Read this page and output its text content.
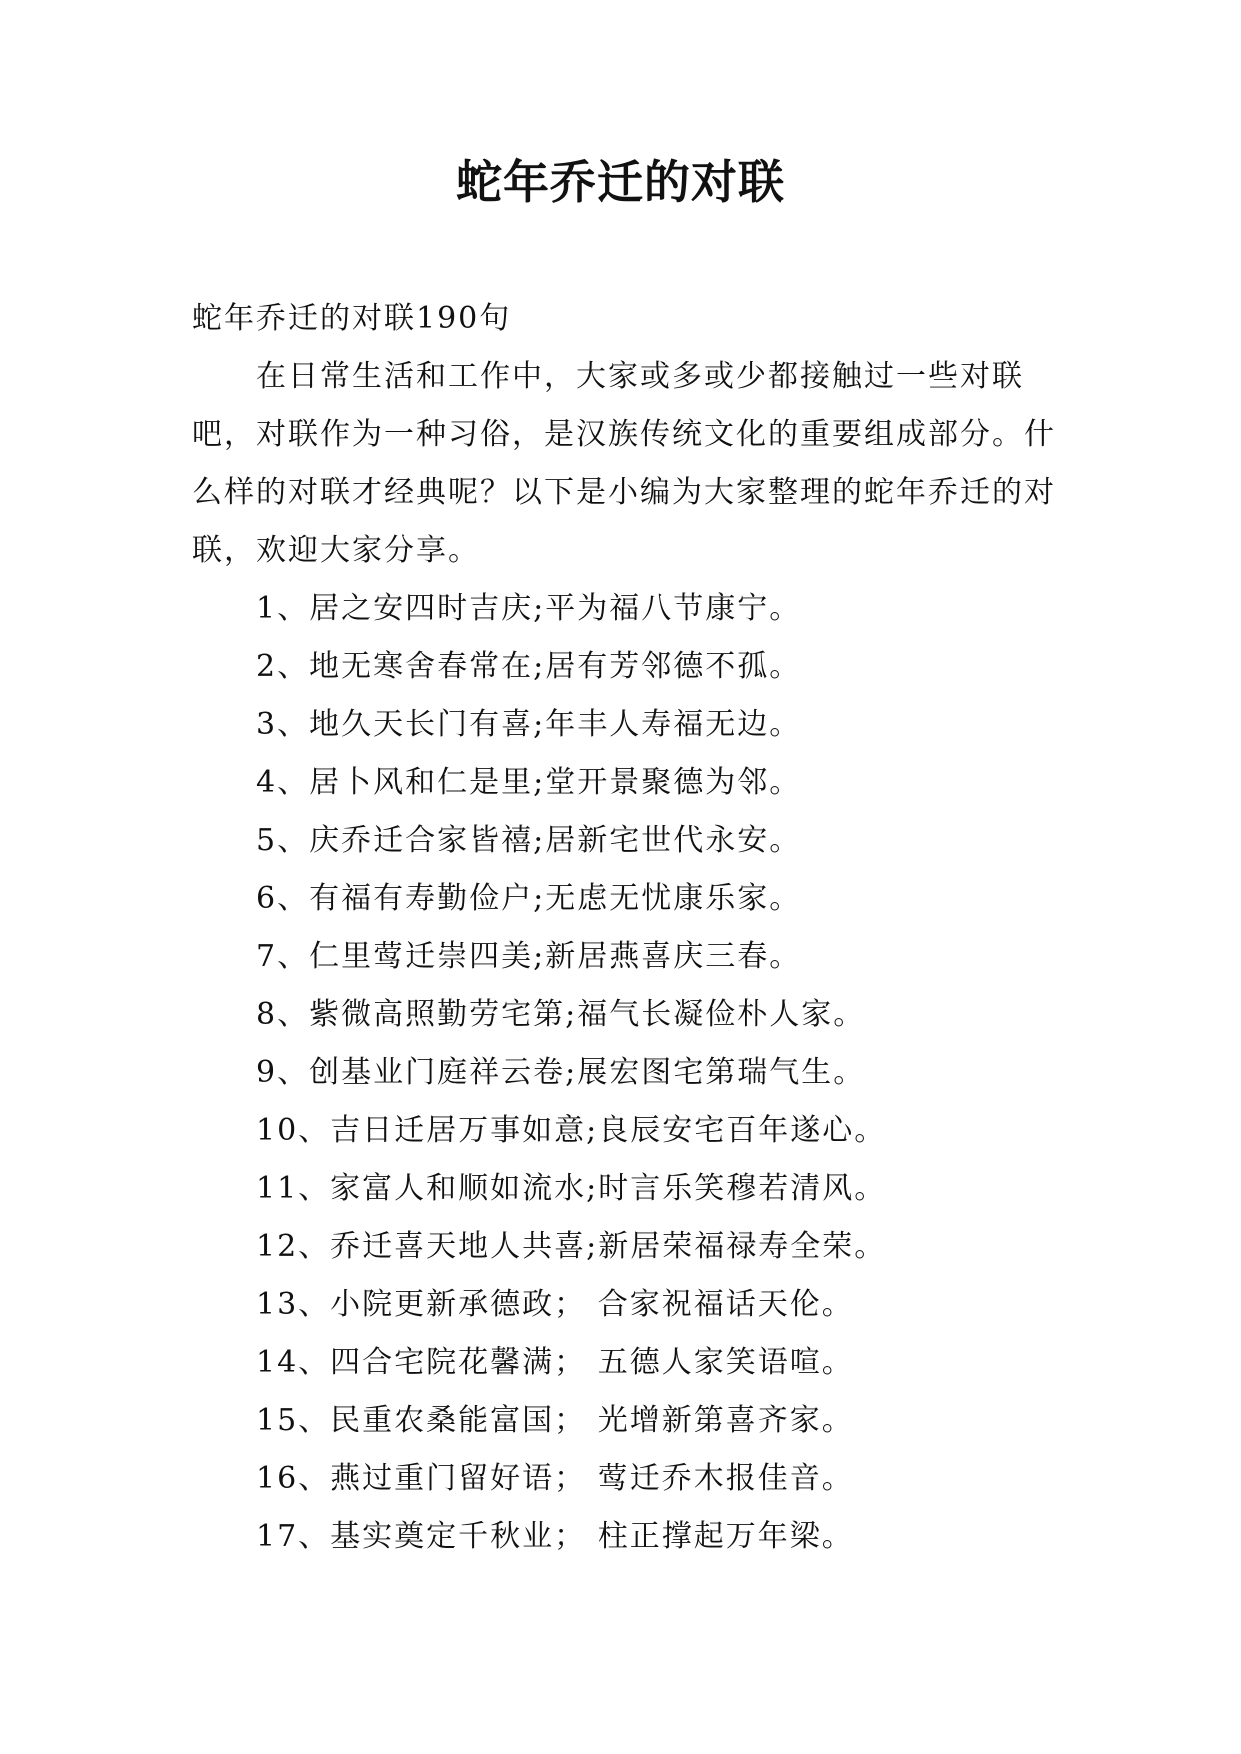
蛇年乔迁的对联

蛇年乔迁的对联190句

在日常生活和工作中，大家或多或少都接触过一些对联吧，对联作为一种习俗，是汉族传统文化的重要组成部分。什么样的对联才经典呢？以下是小编为大家整理的蛇年乔迁的对联，欢迎大家分享。

1、居之安四时吉庆;平为福八节康宁。
2、地无寒舍春常在;居有芳邻德不孤。
3、地久天长门有喜;年丰人寿福无边。
4、居卜风和仁是里;堂开景聚德为邻。
5、庆乔迁合家皆禧;居新宅世代永安。
6、有福有寿勤俭户;无虑无忧康乐家。
7、仁里莺迁崇四美;新居燕喜庆三春。
8、紫微高照勤劳宅第;福气长凝俭朴人家。
9、创基业门庭祥云卷;展宏图宅第瑞气生。
10、吉日迁居万事如意;良辰安宅百年遂心。
11、家富人和顺如流水;时言乐笑穆若清风。
12、乔迁喜天地人共喜;新居荣福禄寿全荣。
13、小院更新承德政； 合家祝福话天伦。
14、四合宅院花馨满； 五德人家笑语喧。
15、民重农桑能富国； 光增新第喜齐家。
16、燕过重门留好语； 莺迁乔木报佳音。
17、基实奠定千秋业； 柱正撑起万年梁。
